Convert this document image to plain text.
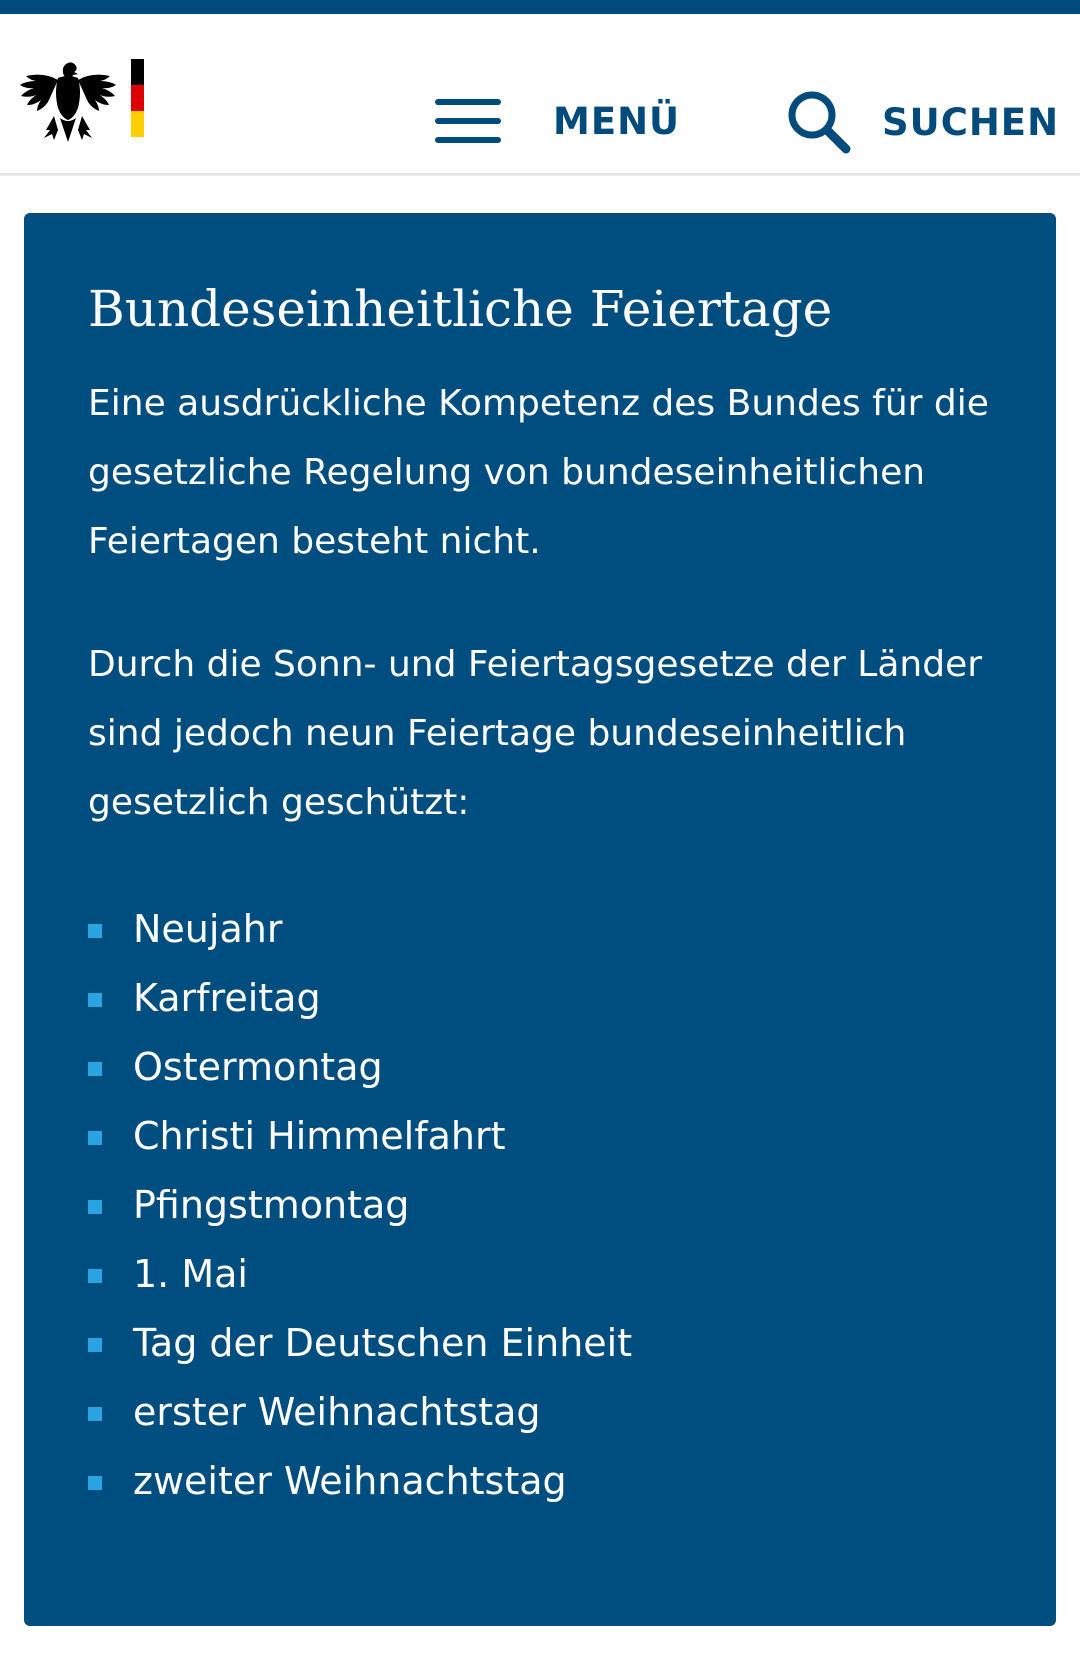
MENÜ	SUCHEN
Bundeseinheitliche Feiertage

Eine ausdrückliche Kompetenz des Bundes für die gesetzliche Regelung von bundeseinheitlichen Feiertagen besteht nicht.

Durch die Sonn- und Feiertagsgesetze der Länder sind jedoch neun Feiertage bundeseinheitlich gesetzlich geschützt:

Neujahr
Karfreitag
Ostermontag
Christi Himmelfahrt
Pfingstmontag
1. Mai
Tag der Deutschen Einheit
erster Weihnachtstag
zweiter Weihnachtstag
